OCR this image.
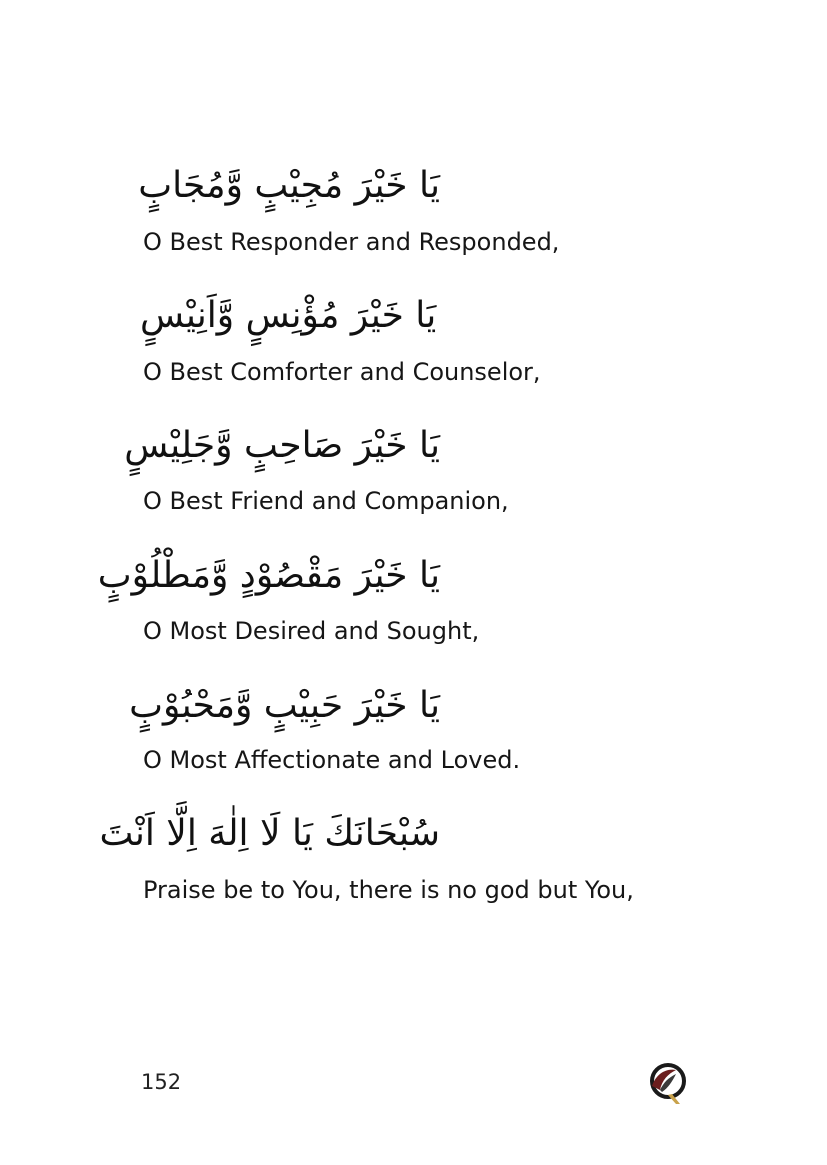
يَا خَيْرَ مُجِيْبٍ وَّمُجَابٍ
O Best Responder and Responded,
يَا خَيْرَ مُؤْنِسٍ وَّاَنِيْسٍ
O Best Comforter and Counselor,
يَا خَيْرَ صَاحِبٍ وَّجَلِيْسٍ
O Best Friend and Companion,
يَا خَيْرَ مَقْصُوْدٍ وَّمَطْلُوْبٍ
O Most Desired and Sought,
يَا خَيْرَ حَبِيْبٍ وَّمَحْبُوْبٍ
O Most Affectionate and Loved.
سُبْحَانَكَ يَا لَا اِلٰهَ اِلَّا اَنْتَ
Praise be to You, there is no god but You,
152
